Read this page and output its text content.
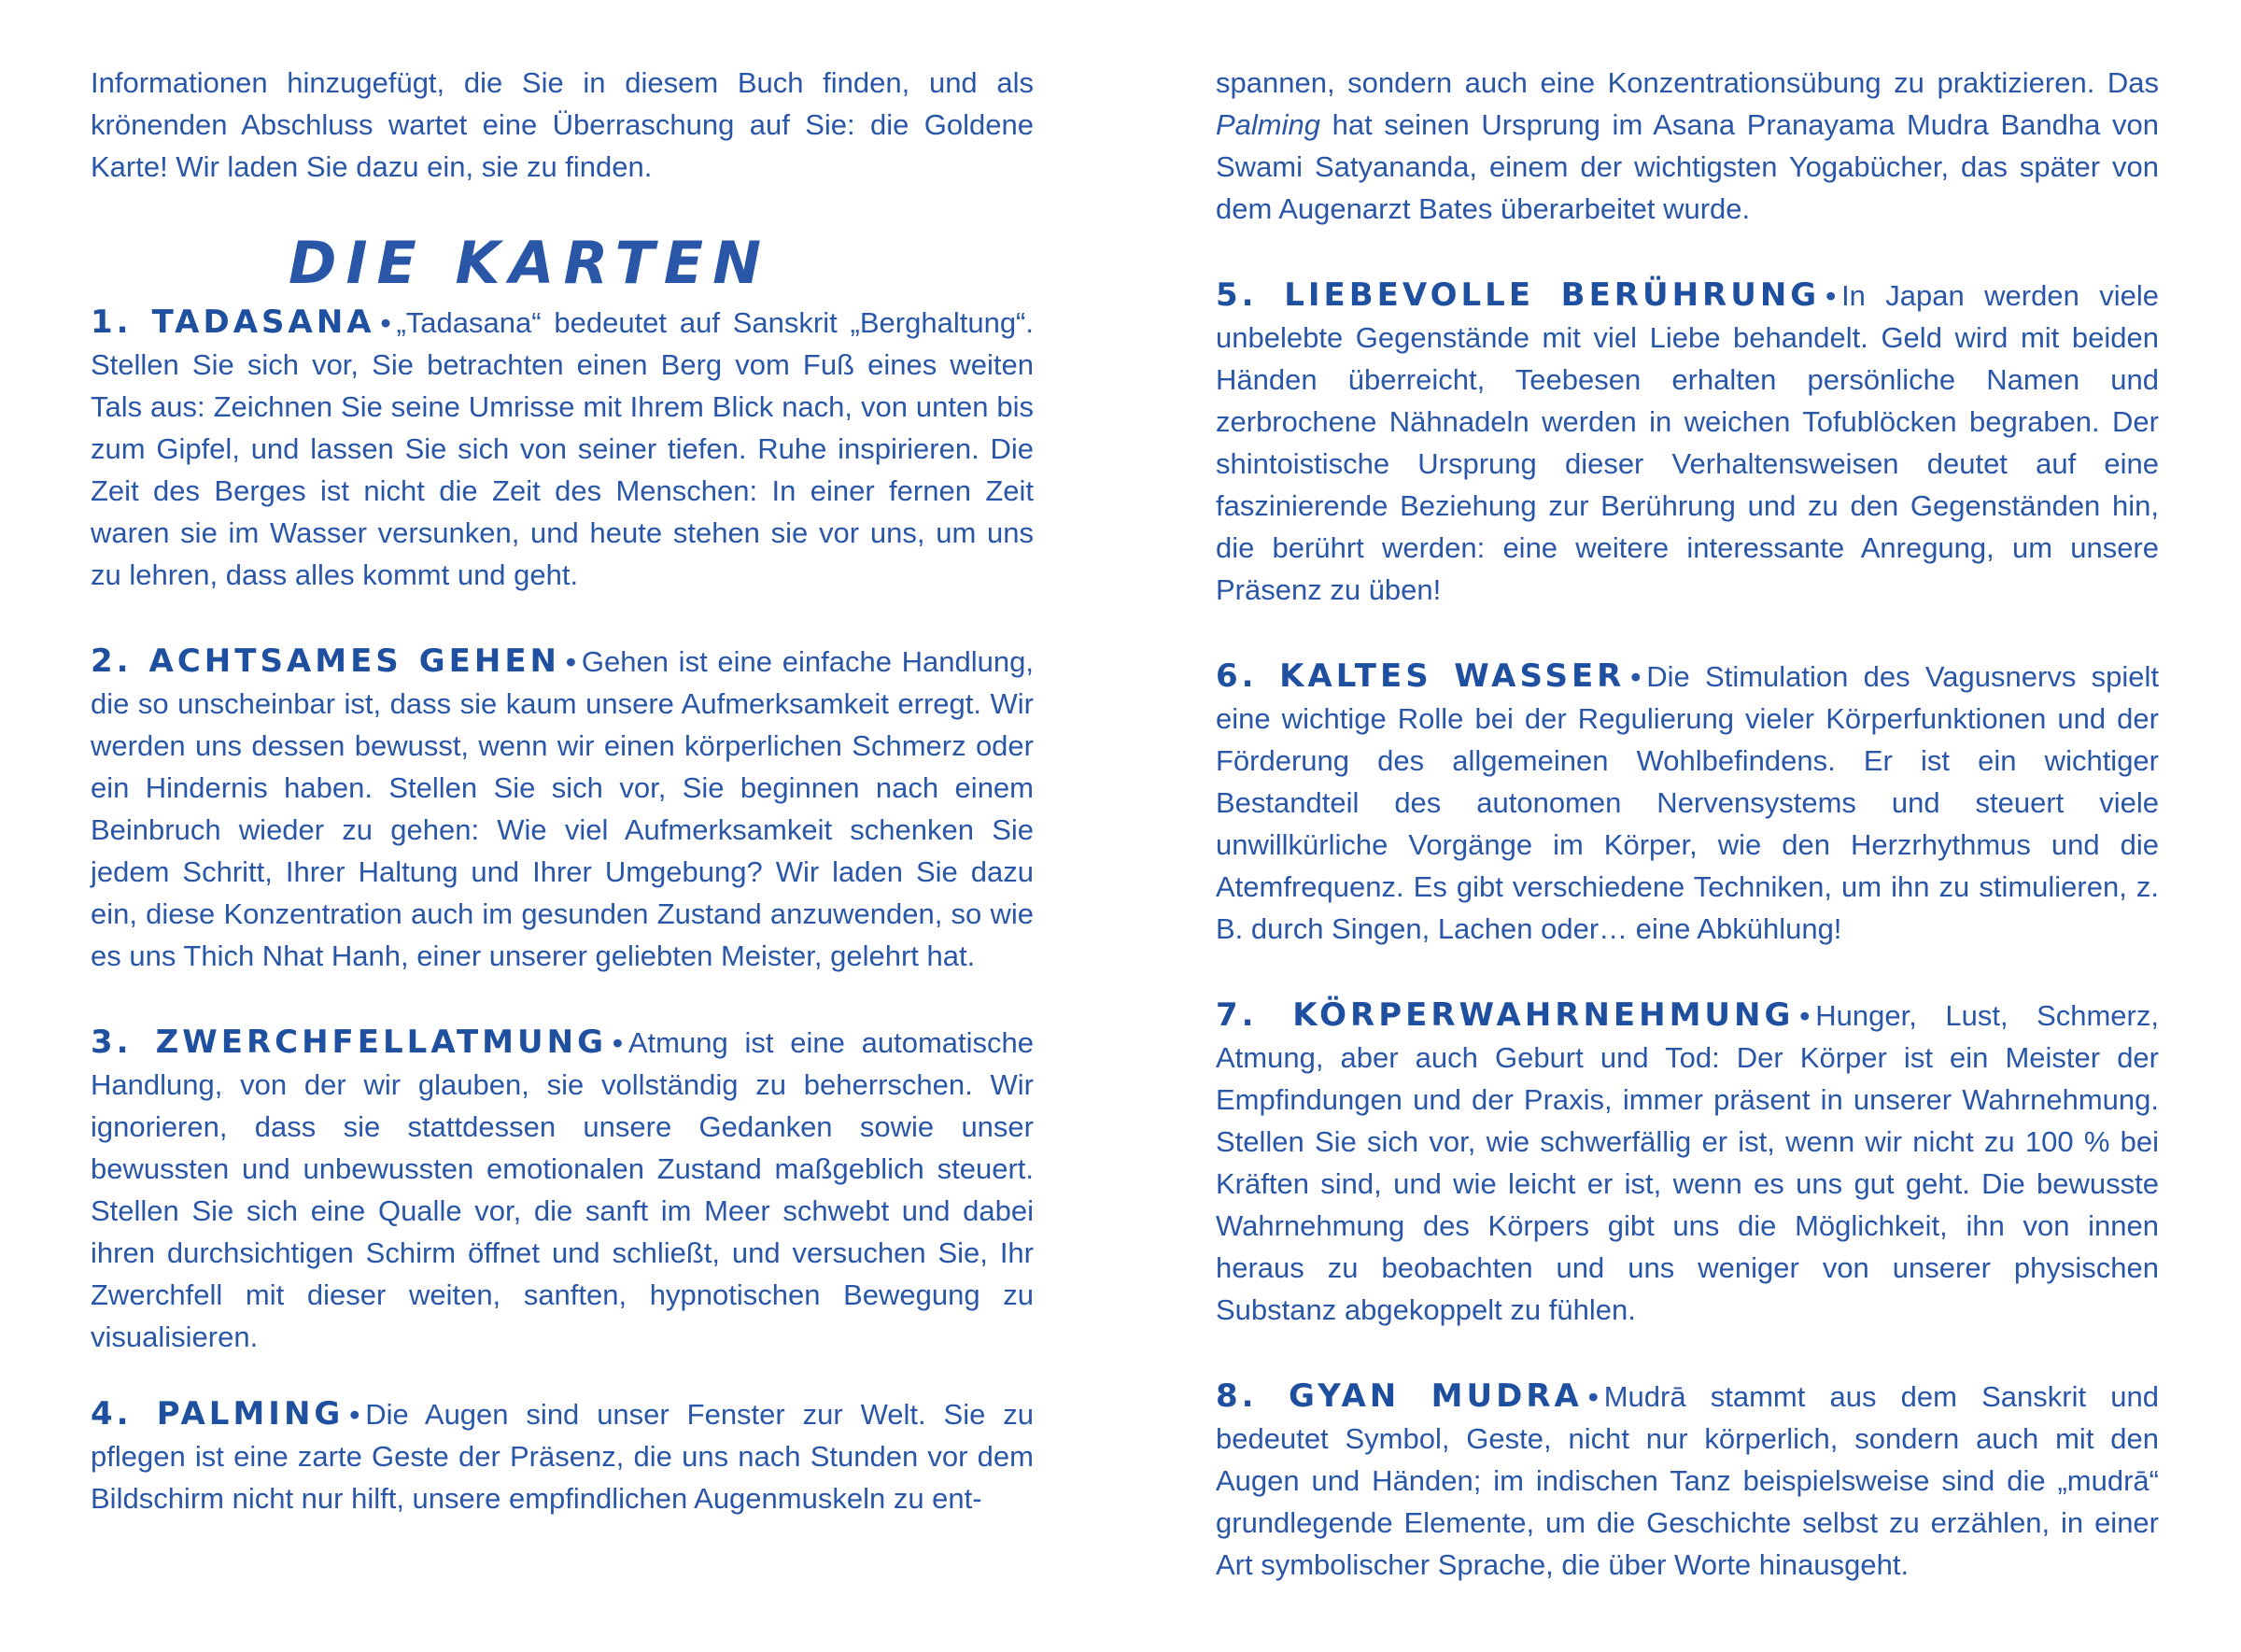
Informationen hinzugefügt, die Sie in diesem Buch finden, und als krönenden Abschluss wartet eine Überraschung auf Sie: die Goldene Karte! Wir laden Sie dazu ein, sie zu finden.

DIE KARTEN

1. TADASANA • „Tadasana“ bedeutet auf Sanskrit „Berghaltung“. Stellen Sie sich vor, Sie betrachten einen Berg vom Fuß eines weiten Tals aus: Zeichnen Sie seine Umrisse mit Ihrem Blick nach, von unten bis zum Gipfel, und lassen Sie sich von seiner tiefen. Ruhe inspirieren. Die Zeit des Berges ist nicht die Zeit des Menschen: In einer fernen Zeit waren sie im Wasser versunken, und heute stehen sie vor uns, um uns zu lehren, dass alles kommt und geht.

2. ACHTSAMES GEHEN • Gehen ist eine einfache Handlung, die so unscheinbar ist, dass sie kaum unsere Aufmerksamkeit erregt. Wir werden uns dessen bewusst, wenn wir einen körperlichen Schmerz oder ein Hindernis haben. Stellen Sie sich vor, Sie beginnen nach einem Beinbruch wieder zu gehen: Wie viel Aufmerksamkeit schenken Sie jedem Schritt, Ihrer Haltung und Ihrer Umgebung? Wir laden Sie dazu ein, diese Konzentration auch im gesunden Zustand anzuwenden, so wie es uns Thich Nhat Hanh, einer unserer geliebten Meister, gelehrt hat.

3. ZWERCHFELLATMUNG • Atmung ist eine automatische Handlung, von der wir glauben, sie vollständig zu beherrschen. Wir ignorieren, dass sie stattdessen unsere Gedanken sowie unser bewussten und unbewussten emotionalen Zustand maßgeblich steuert. Stellen Sie sich eine Qualle vor, die sanft im Meer schwebt und dabei ihren durchsichtigen Schirm öffnet und schließt, und versuchen Sie, Ihr Zwerchfell mit dieser weiten, sanften, hypnotischen Bewegung zu visualisieren.

4. PALMING • Die Augen sind unser Fenster zur Welt. Sie zu pflegen ist eine zarte Geste der Präsenz, die uns nach Stunden vor dem Bildschirm nicht nur hilft, unsere empfindlichen Augenmuskeln zu ent-

spannen, sondern auch eine Konzentrationsübung zu praktizieren. Das Palming hat seinen Ursprung im Asana Pranayama Mudra Bandha von Swami Satyananda, einem der wichtigsten Yogabücher, das später von dem Augenarzt Bates überarbeitet wurde.

5. LIEBEVOLLE BERÜHRUNG • In Japan werden viele unbelebte Gegenstände mit viel Liebe behandelt. Geld wird mit beiden Händen überreicht, Teebesen erhalten persönliche Namen und zerbrochene Nähnadeln werden in weichen Tofublöcken begraben. Der shintoistische Ursprung dieser Verhaltensweisen deutet auf eine faszinierende Beziehung zur Berührung und zu den Gegenständen hin, die berührt werden: eine weitere interessante Anregung, um unsere Präsenz zu üben!

6. KALTES WASSER • Die Stimulation des Vagusnervs spielt eine wichtige Rolle bei der Regulierung vieler Körperfunktionen und der Förderung des allgemeinen Wohlbefindens. Er ist ein wichtiger Bestandteil des autonomen Nervensystems und steuert viele unwillkürliche Vorgänge im Körper, wie den Herzrhythmus und die Atemfrequenz. Es gibt verschiedene Techniken, um ihn zu stimulieren, z. B. durch Singen, Lachen oder… eine Abkühlung!

7. KÖRPERWAHRNEHMUNG • Hunger, Lust, Schmerz, Atmung, aber auch Geburt und Tod: Der Körper ist ein Meister der Empfindungen und der Praxis, immer präsent in unserer Wahrnehmung. Stellen Sie sich vor, wie schwerfällig er ist, wenn wir nicht zu 100 % bei Kräften sind, und wie leicht er ist, wenn es uns gut geht. Die bewusste Wahrnehmung des Körpers gibt uns die Möglichkeit, ihn von innen heraus zu beobachten und uns weniger von unserer physischen Substanz abgekoppelt zu fühlen.

8. GYAN MUDRA • Mudrā stammt aus dem Sanskrit und bedeutet Symbol, Geste, nicht nur körperlich, sondern auch mit den Augen und Händen; im indischen Tanz beispielsweise sind die „mudrā“ grundlegende Elemente, um die Geschichte selbst zu erzählen, in einer Art symbolischer Sprache, die über Worte hinausgeht.
